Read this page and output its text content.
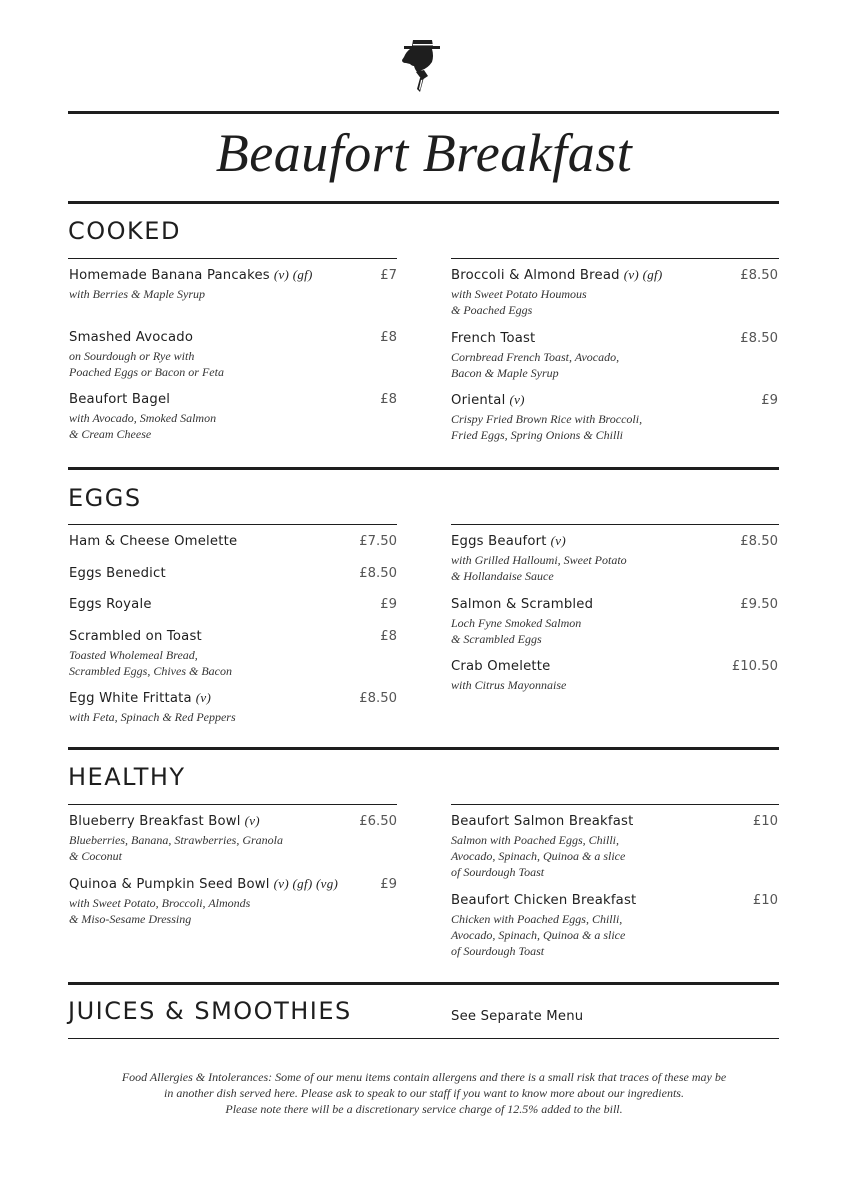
Beaufort Breakfast
COOKED
Homemade Banana Pancakes (v) (gf)	£7
with Berries & Maple Syrup
Smashed Avocado	£8
on Sourdough or Rye with
Poached Eggs or Bacon or Feta
Beaufort Bagel	£8
with Avocado, Smoked Salmon
& Cream Cheese
Broccoli & Almond Bread (v) (gf)	£8.50
with Sweet Potato Houmous
& Poached Eggs
French Toast	£8.50
Cornbread French Toast, Avocado,
Bacon & Maple Syrup
Oriental (v)	£9
Crispy Fried Brown Rice with Broccoli,
Fried Eggs, Spring Onions & Chilli
EGGS
Ham & Cheese Omelette	£7.50
Eggs Benedict	£8.50
Eggs Royale	£9
Scrambled on Toast	£8
Toasted Wholemeal Bread,
Scrambled Eggs, Chives & Bacon
Egg White Frittata (v)	£8.50
with Feta, Spinach & Red Peppers
Eggs Beaufort (v)	£8.50
with Grilled Halloumi, Sweet Potato
& Hollandaise Sauce
Salmon & Scrambled	£9.50
Loch Fyne Smoked Salmon
& Scrambled Eggs
Crab Omelette	£10.50
with Citrus Mayonnaise
HEALTHY
Blueberry Breakfast Bowl (v)	£6.50
Blueberries, Banana, Strawberries, Granola
& Coconut
Quinoa & Pumpkin Seed Bowl (v) (gf) (vg)	£9
with Sweet Potato, Broccoli, Almonds
& Miso-Sesame Dressing
Beaufort Salmon Breakfast	£10
Salmon with Poached Eggs, Chilli,
Avocado, Spinach, Quinoa & a slice
of Sourdough Toast
Beaufort Chicken Breakfast	£10
Chicken with Poached Eggs, Chilli,
Avocado, Spinach, Quinoa & a slice
of Sourdough Toast
JUICES & SMOOTHIES	See Separate Menu
Food Allergies & Intolerances: Some of our menu items contain allergens and there is a small risk that traces of these may be
in another dish served here. Please ask to speak to our staff if you want to know more about our ingredients.
Please note there will be a discretionary service charge of 12.5% added to the bill.
